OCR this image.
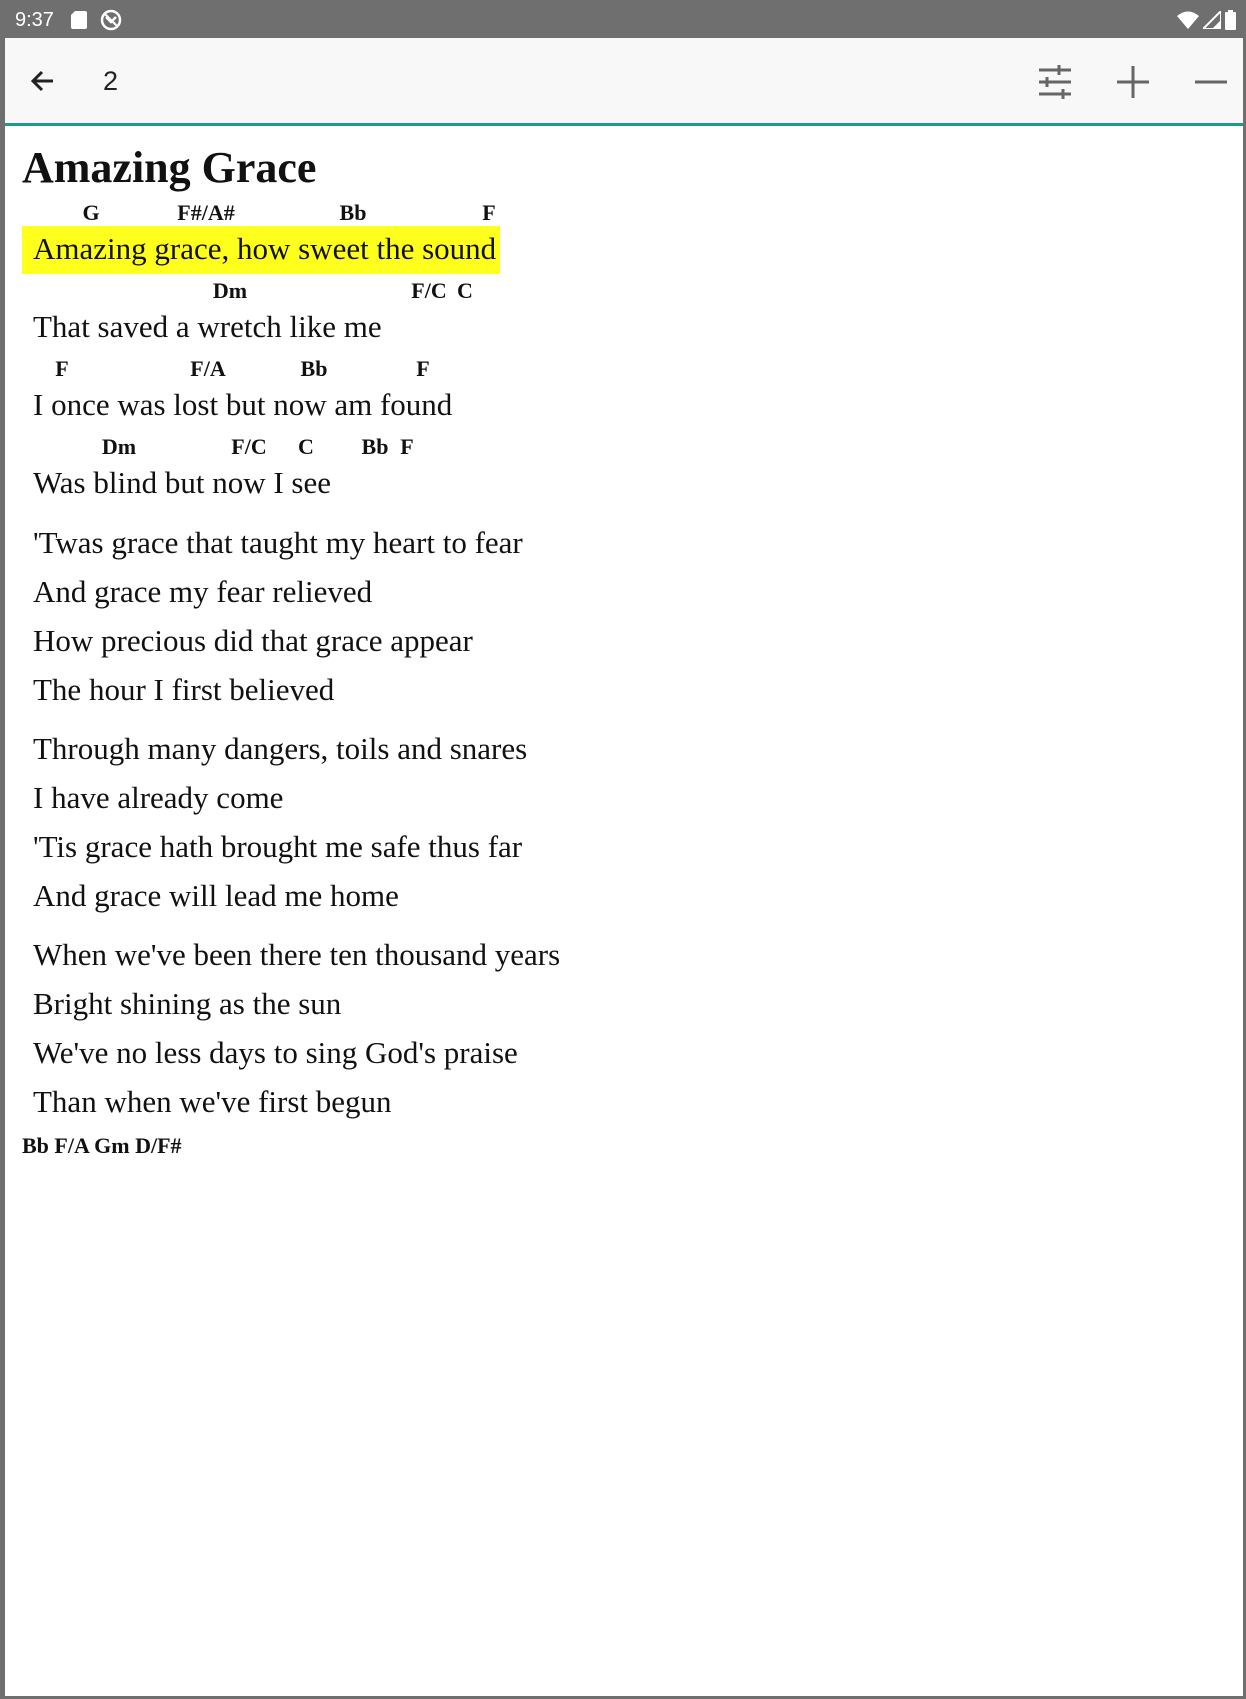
9:37
2
Amazing Grace
G	F#/A#	Bb	F
Amazing grace, how sweet the sound
Dm	F/C C
That saved a wretch like me
F	F/A	Bb	F
I once was lost but now am found
Dm	F/C C Bb F
Was blind but now I see
'Twas grace that taught my heart to fear
And grace my fear relieved
How precious did that grace appear
The hour I first believed
Through many dangers, toils and snares
I have already come
'Tis grace hath brought me safe thus far
And grace will lead me home
When we've been there ten thousand years
Bright shining as the sun
We've no less days to sing God's praise
Than when we've first begun
Bb F/A Gm D/F#
